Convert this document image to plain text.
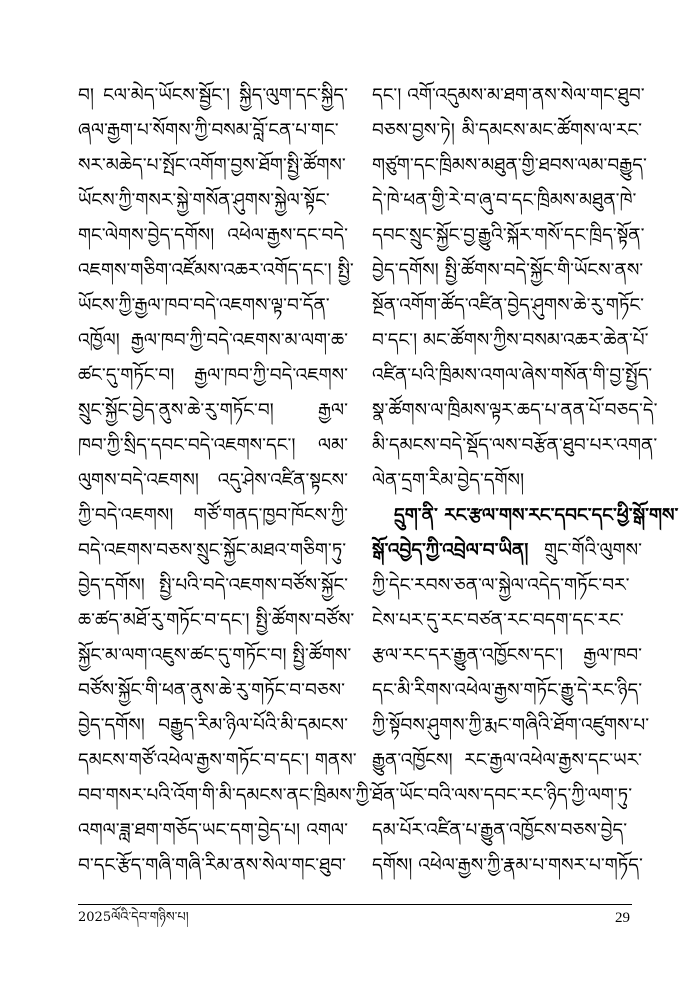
བ། ངལ་མེད་ཡོངས་སྦྱོང་། སྐྱིད་ལུག་དང་སྐྱིད་
ཞལ་རྒྱག་པ་སོགས་ཀྱི་བསམ་བློ་ངན་པ་གང་
སར་མཆེད་པ་སྤོང་འགོག་བྱས་ཐོག་སྤྱི་ཚོགས་
ཡོངས་ཀྱི་གསར་སྐྱེ་གསོན་ཤུགས་སྐྱེལ་སྟོང་
གང་ལེགས་བྱེད་དགོས། འཕེལ་རྒྱས་དང་བདེ་
འཇགས་གཅིག་འཛོམས་འཆར་འགོད་དང་། སྤྱི་
ཡོངས་ཀྱི་རྒྱལ་ཁབ་བདེ་འཇགས་ལྟ་བ་དོན་
འཁྱོལ། རྒྱལ་ཁབ་ཀྱི་བདེ་འཇགས་མ་ལག་ཆ་
ཚང་དུ་གཏོང་བ། རྒྱལ་ཁབ་ཀྱི་བདེ་འཇགས་
སྲུང་སྐྱོང་བྱེད་ནུས་ཆེ་རུ་གཏོང་བ། རྒྱལ་
ཁབ་ཀྱི་སྲིད་དབང་བདེ་འཇགས་དང་། ལམ་
ལུགས་བདེ་འཇགས། འདུ་ཤེས་འཛིན་སྟངས་
ཀྱི་བདེ་འཇགས། གཙོ་གནད་ཁྱབ་ཁོངས་ཀྱི་
བདེ་འཇགས་བཅས་སྲུང་སྐྱོང་མཐའ་གཅིག་ཏུ་
བྱེད་དགོས། སྤྱི་པའི་བདེ་འཇགས་བཙོས་སྐྱོང་
ཆ་ཚད་མཐོ་རུ་གཏོང་བ་དང་། སྤྱི་ཚོགས་བཙོས་
སྐྱོང་མ་ལག་འཇུས་ཚང་དུ་གཏོང་བ། སྤྱི་ཚོགས་
བཙོས་སྐྱོང་གི་ཕན་ནུས་ཆེ་རུ་གཏོང་བ་བཅས་
བྱེད་དགོས། བརྒྱུད་རིམ་ཉིལ་པོའི་མི་དམངས་
དམངས་གཙོ་འཕེལ་རྒྱས་གཏོང་བ་དང་། གནས་
བབ་གསར་པའི་འོག་གི་མི་དམངས་ནང་ཁྲིམས་ཀྱི་
འགལ་ཟླ་ཐག་གཅོད་ཡང་དག་བྱེད་པ། འགལ་
བ་དང་རྩོད་གཞི་གཞི་རིམ་ནས་སེལ་གང་ཐུབ་
དང་། འགོ་འདུམས་མ་ཐག་ནས་སེལ་གང་ཐུབ་
བཅས་བྱས་ཏེ། མི་དམངས་མང་ཚོགས་ལ་རང་
གཙུག་དང་ཁྲིམས་མཐུན་གྱི་ཐབས་ལམ་བརྒྱུད་
དེ་ཁེ་ཕན་གྱི་རེ་བ་ཞུ་བ་དང་ཁྲིམས་མཐུན་ཁེ་
དབང་སྲུང་སྐྱོང་བྱ་རྒྱུའི་སྐོར་གསོ་དང་ཁྲིད་སྟོན་
བྱེད་དགོས། སྤྱི་ཚོགས་བདེ་སྐྱོང་གི་ཡོངས་ནས་
སྔོན་འགོག་ཚོད་འཛིན་བྱེད་ཤུགས་ཆེ་རུ་གཏོང་
བ་དང་། མང་ཚོགས་ཀྱིས་བསམ་འཆར་ཆེན་པོ་
འཛིན་པའི་ཁྲིམས་འགལ་ཞེས་གསོན་གི་བྱ་སྤྱོད་
སྣ་ཚོགས་ལ་ཁྲིམས་ལྟར་ཆད་པ་ནན་པོ་བཅད་དེ་
མི་དམངས་བདེ་སྡོད་ལས་བརྩོན་ཐུབ་པར་འགན་
ལེན་དྲག་རིམ་བྱེད་དགོས།
དྲུག་ནི་ རང་རྩལ་གས་རང་དབང་དང་ཕྱི་སྒོ་གས་
སྒོ་འབྱེད་ཀྱི་འབྲེལ་བ་ཡིན། གྲུང་གོའི་ལུགས་
ཀྱི་དེང་རབས་ཅན་ལ་སྐྱེལ་འདེད་གཏོང་བར་
ངེས་པར་དུ་རང་བཙན་རང་བདག་དང་རང་
རྩལ་རང་དར་རྒྱུན་འཁྱོངས་དང་། རྒྱལ་ཁབ་
དང་མི་རིགས་འཕེལ་རྒྱས་གཏོང་རྒྱུ་དེ་རང་ཉིད་
ཀྱི་སྟོབས་ཤུགས་ཀྱི་རྨང་གཞིའི་ཐོག་འཛུགས་པ་
རྒྱུན་འཁྱོངས། རང་རྒྱལ་འཕེལ་རྒྱས་དང་ཡར་
ཐོན་ཡོང་བའི་ལས་དབང་རང་ཉིད་ཀྱི་ལག་ཏུ་
དམ་པོར་འཛིན་པ་རྒྱུན་འཁྱོངས་བཅས་བྱེད་
དགོས། འཕེལ་རྒྱས་ཀྱི་རྣམ་པ་གསར་པ་གཏོད་
2025ལོའི་དེབ་གཉིས་པ།	29
